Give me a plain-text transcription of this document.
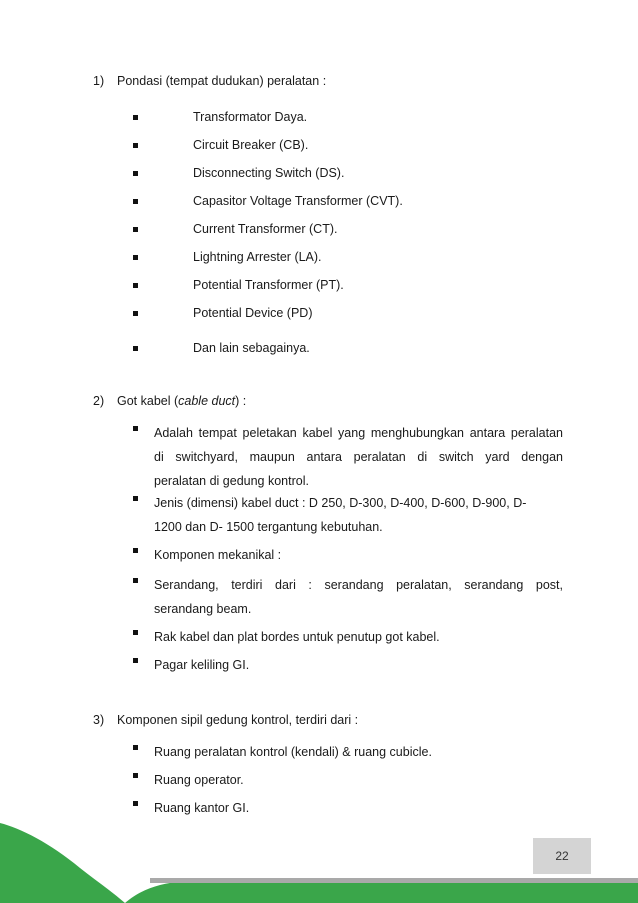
1) Pondasi (tempat dudukan) peralatan :
Transformator Daya.
Circuit Breaker (CB).
Disconnecting Switch (DS).
Capasitor Voltage Transformer (CVT).
Current Transformer (CT).
Lightning Arrester (LA).
Potential Transformer (PT).
Potential Device (PD)
Dan lain sebagainya.
2) Got kabel (cable duct) :
Adalah tempat peletakan kabel yang menghubungkan antara peralatan
di switchyard, maupun antara peralatan di switch yard dengan
peralatan di gedung kontrol.
Jenis (dimensi) kabel duct : D 250, D-300, D-400, D-600, D-900, D-
1200 dan D- 1500 tergantung kebutuhan.
Komponen mekanikal :
Serandang, terdiri dari : serandang peralatan, serandang post,
serandang beam.
Rak kabel dan plat bordes untuk penutup got kabel.
Pagar keliling GI.
3) Komponen sipil gedung kontrol, terdiri dari :
Ruang peralatan kontrol (kendali) & ruang cubicle.
Ruang operator.
Ruang kantor GI.
22
